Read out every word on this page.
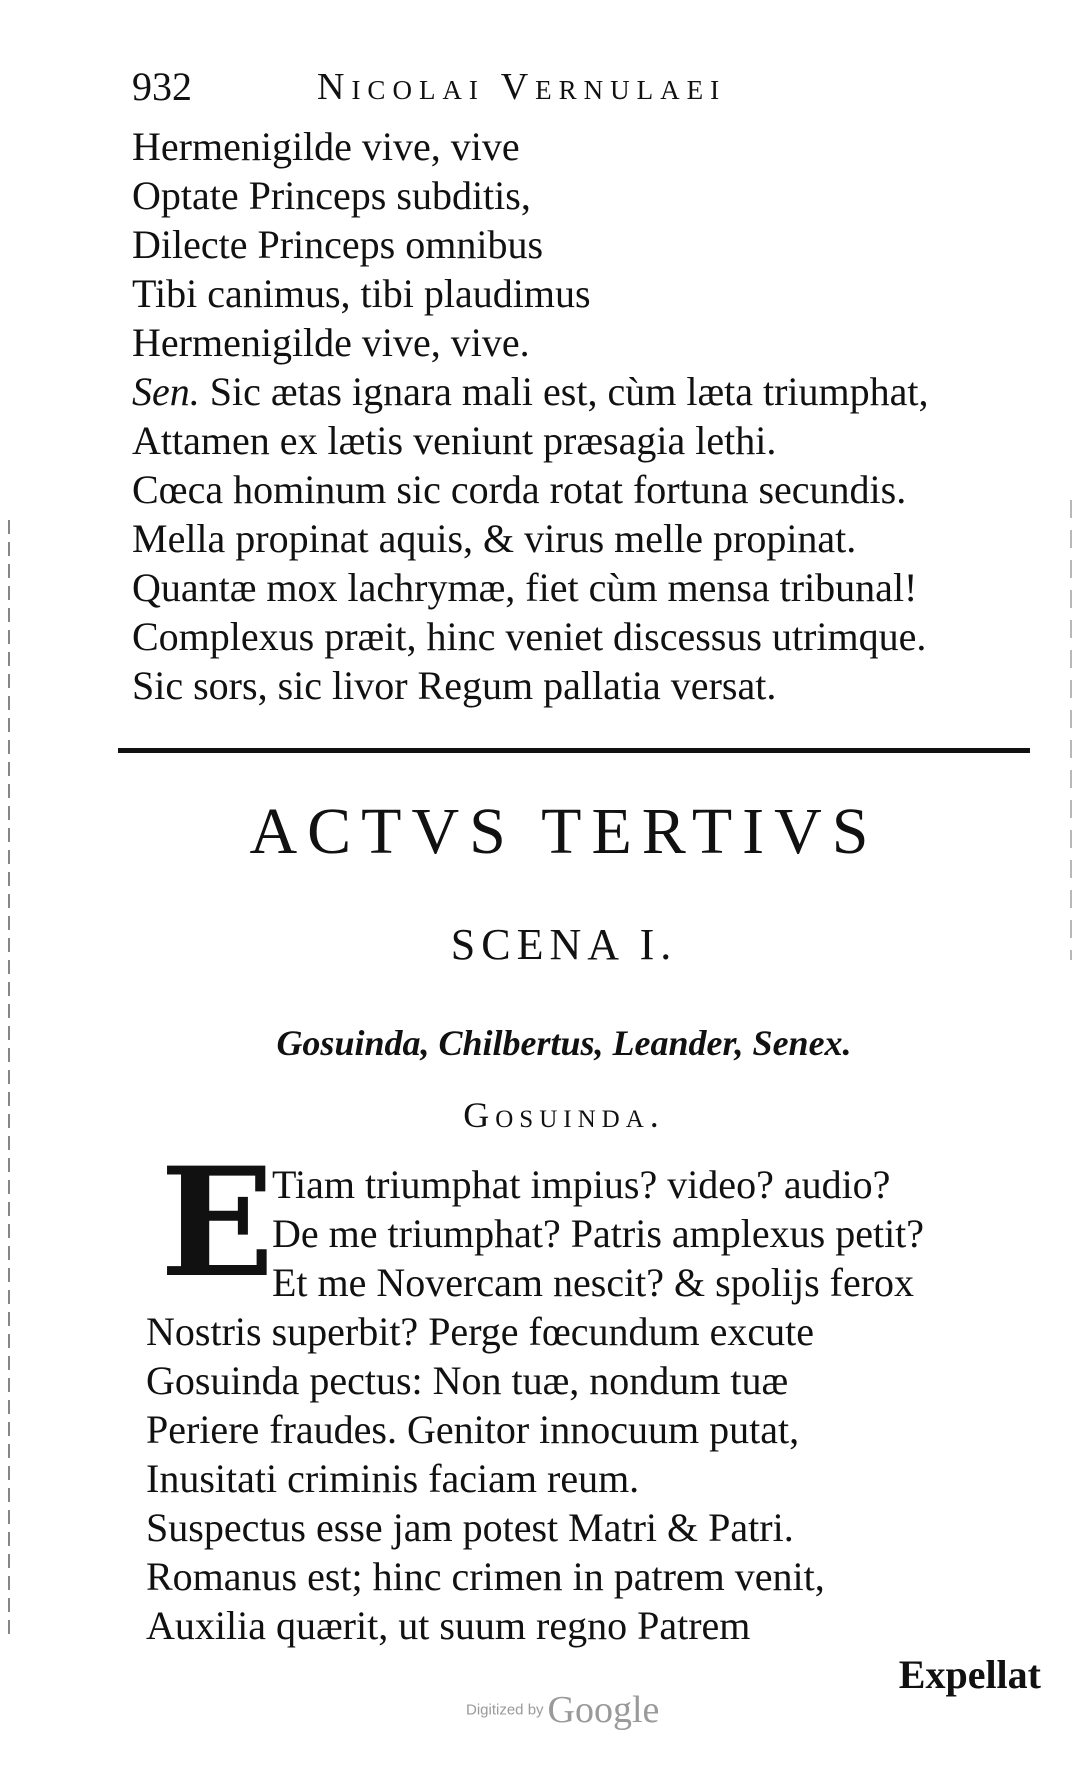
932	Nicolai Vernulaei
Hermenigilde vive, vive
Optate Princeps subditis,
Dilecte Princeps omnibus
Tibi canimus, tibi plaudimus
Hermenigilde vive, vive.
Sen. Sic ætas ignara mali est, cùm læta triumphat,
Attamen ex lætis veniunt præsagia lethi.
Cœca hominum sic corda rotat fortuna secundis.
Mella propinat aquis, & virus melle propinat.
Quantæ mox lachrymæ, fiet cùm mensa tribunal!
Complexus præit, hinc veniet discessus utrimque.
Sic sors, sic livor Regum pallatia versat.
ACTVS TERTIVS
SCENA I.
Gosuinda, Chilbertus, Leander, Senex.
Gosuinda.
E
Tiam triumphat impius? video? audio?
De me triumphat? Patris amplexus petit?
Et me Novercam nescit? & spolijs ferox
Nostris superbit? Perge fœcundum excute
Gosuinda pectus: Non tuæ, nondum tuæ
Periere fraudes. Genitor innocuum putat,
Inusitati criminis faciam reum.
Suspectus esse jam potest Matri & Patri.
Romanus est; hinc crimen in patrem venit,
Auxilia quærit, ut suum regno Patrem
Expellat
Digitized by Google
